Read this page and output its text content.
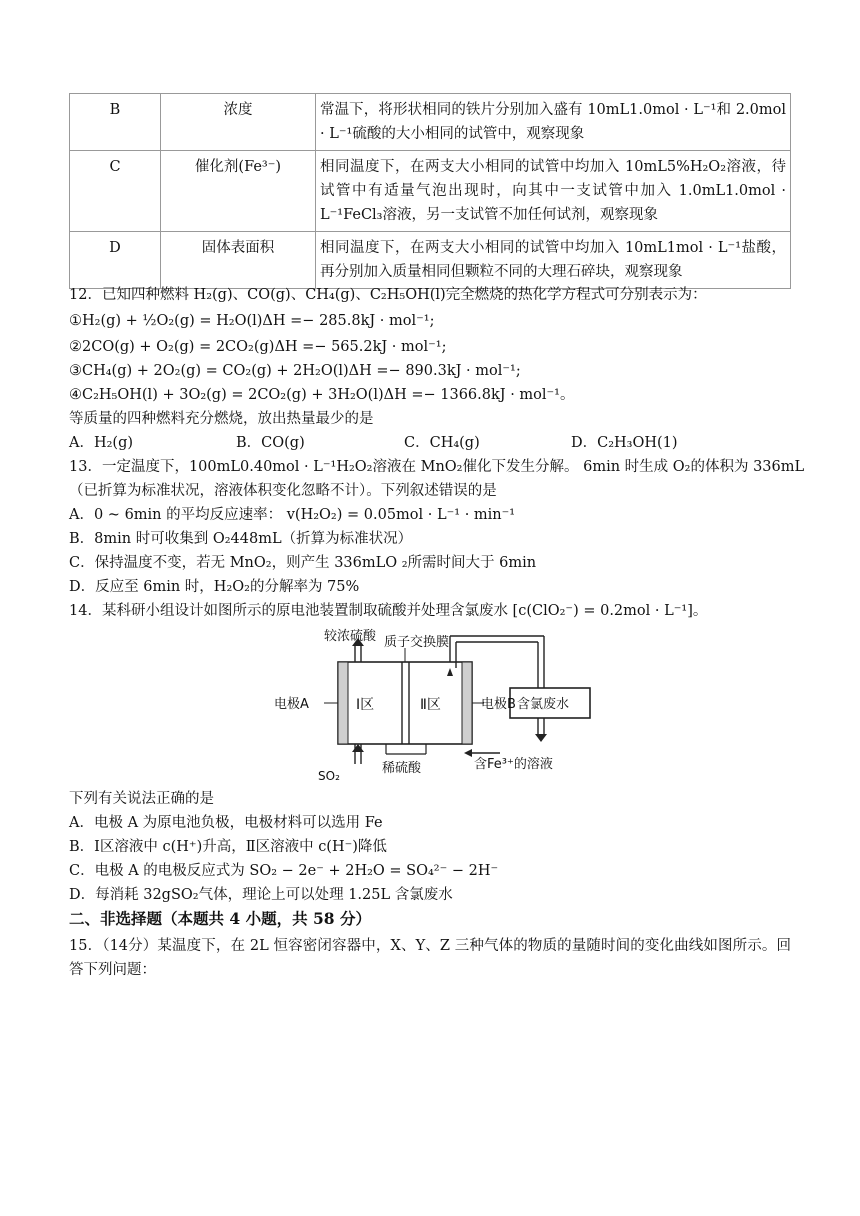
B	浓度	常温下，将形状相同的铁片分别加入盛有 10mL1.0mol · L⁻¹和 2.0mol · L⁻¹硫酸的大小相同的试管中，观察现象
C	催化剂(Fe³⁻)	相同温度下，在两支大小相同的试管中均加入 10mL5%H₂O₂溶液，待试管中有适量气泡出现时，向其中一支试管中加入 1.0mL1.0mol · L⁻¹FeCl₃溶液，另一支试管不加任何试剂，观察现象
D	固体表面积	相同温度下，在两支大小相同的试管中均加入 10mL1mol · L⁻¹盐酸，再分别加入质量相同但颗粒不同的大理石碎块，观察现象
12．已知四种燃料 H₂(g)、CO(g)、CH₄(g)、C₂H₅OH(l)完全燃烧的热化学方程式可分别表示为：
①H₂(g) + ½O₂(g) = H₂O(l)ΔH =− 285.8kJ · mol⁻¹;
②2CO(g) + O₂(g) = 2CO₂(g)ΔH =− 565.2kJ · mol⁻¹;
③CH₄(g) + 2O₂(g) = CO₂(g) + 2H₂O(l)ΔH =− 890.3kJ · mol⁻¹;
④C₂H₅OH(l) + 3O₂(g) = 2CO₂(g) + 3H₂O(l)ΔH =− 1366.8kJ · mol⁻¹。
等质量的四种燃料充分燃烧，放出热量最少的是
A．H₂(g)	B．CO(g)	C．CH₄(g)	D．C₂H₃OH(1)
13．一定温度下，100mL0.40mol · L⁻¹H₂O₂溶液在 MnO₂催化下发生分解。 6min 时生成 O₂的体积为 336mL
（已折算为标准状况，溶液体积变化忽略不计）。下列叙述错误的是
A．0 ~ 6min 的平均反应速率： v(H₂O₂) = 0.05mol · L⁻¹ · min⁻¹
B．8min 时可收集到 O₂448mL（折算为标准状况）
C．保持温度不变，若无 MnO₂，则产生 336mLO ₂所需时间大于 6min
D．反应至 6min 时，H₂O₂的分解率为 75%
14．某科研小组设计如图所示的原电池装置制取硫酸并处理含氯废水 [c(ClO₂⁻) = 0.2mol · L⁻¹]。
较浓硫酸 质子交换膜
电极A	电极B
Ⅰ区	Ⅱ区	含氯废水
SO₂	稀硫酸	含Fe³⁺的溶液
下列有关说法正确的是
A．电极 A 为原电池负极，电极材料可以选用 Fe
B．Ⅰ区溶液中 c(H⁺)升高，Ⅱ区溶液中 c(H⁻)降低
C．电极 A 的电极反应式为 SO₂ − 2e⁻ + 2H₂O = SO₄²⁻ − 2H⁻
D．每消耗 32gSO₂气体，理论上可以处理 1.25L 含氯废水
二、非选择题（本题共 4 小题，共 58 分）
15．（14分）某温度下，在 2L 恒容密闭容器中，X、Y、Z 三种气体的物质的量随时间的变化曲线如图所示。回答下列问题：
